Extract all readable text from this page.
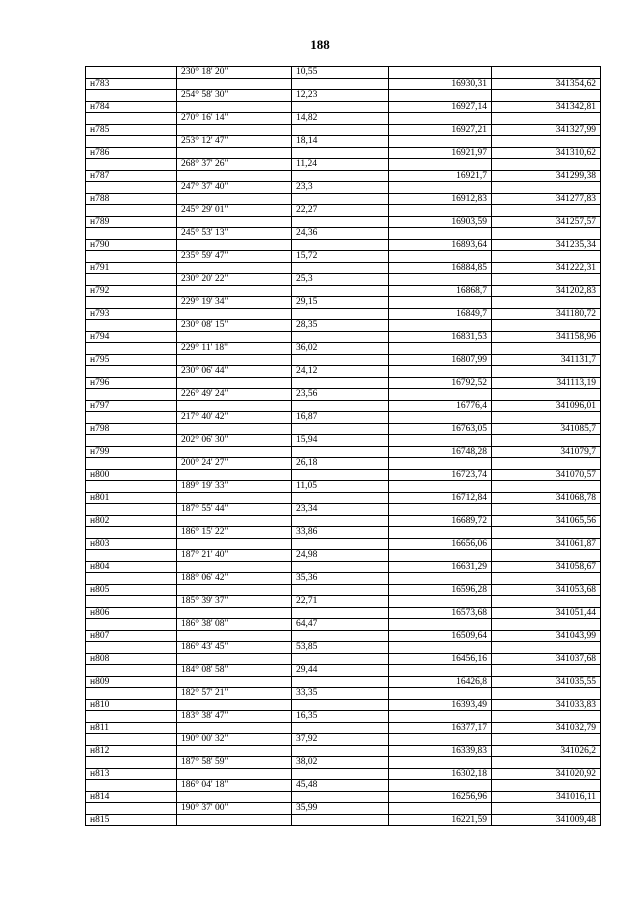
188
	230° 18' 20"	10,55		
н783			16930,31	341354,62
	254° 58' 30"	12,23		
н784			16927,14	341342,81
	270° 16' 14"	14,82		
н785			16927,21	341327,99
	253° 12' 47"	18,14		
н786			16921,97	341310,62
	268° 37' 26"	11,24		
н787			16921,7	341299,38
	247° 37' 40"	23,3		
н788			16912,83	341277,83
	245° 29' 01"	22,27		
н789			16903,59	341257,57
	245° 53' 13"	24,36		
н790			16893,64	341235,34
	235° 59' 47"	15,72		
н791			16884,85	341222,31
	230° 20' 22"	25,3		
н792			16868,7	341202,83
	229° 19' 34"	29,15		
н793			16849,7	341180,72
	230° 08' 15"	28,35		
н794			16831,53	341158,96
	229° 11' 18"	36,02		
н795			16807,99	341131,7
	230° 06' 44"	24,12		
н796			16792,52	341113,19
	226° 49' 24"	23,56		
н797			16776,4	341096,01
	217° 40' 42"	16,87		
н798			16763,05	341085,7
	202° 06' 30"	15,94		
н799			16748,28	341079,7
	200° 24' 27"	26,18		
н800			16723,74	341070,57
	189° 19' 33"	11,05		
н801			16712,84	341068,78
	187° 55' 44"	23,34		
н802			16689,72	341065,56
	186° 15' 22"	33,86		
н803			16656,06	341061,87
	187° 21' 40"	24,98		
н804			16631,29	341058,67
	188° 06' 42"	35,36		
н805			16596,28	341053,68
	185° 39' 37"	22,71		
н806			16573,68	341051,44
	186° 38' 08"	64,47		
н807			16509,64	341043,99
	186° 43' 45"	53,85		
н808			16456,16	341037,68
	184° 08' 58"	29,44		
н809			16426,8	341035,55
	182° 57' 21"	33,35		
н810			16393,49	341033,83
	183° 38' 47"	16,35		
н811			16377,17	341032,79
	190° 00' 32"	37,92		
н812			16339,83	341026,2
	187° 58' 59"	38,02		
н813			16302,18	341020,92
	186° 04' 18"	45,48		
н814			16256,96	341016,11
	190° 37' 00"	35,99		
н815			16221,59	341009,48
